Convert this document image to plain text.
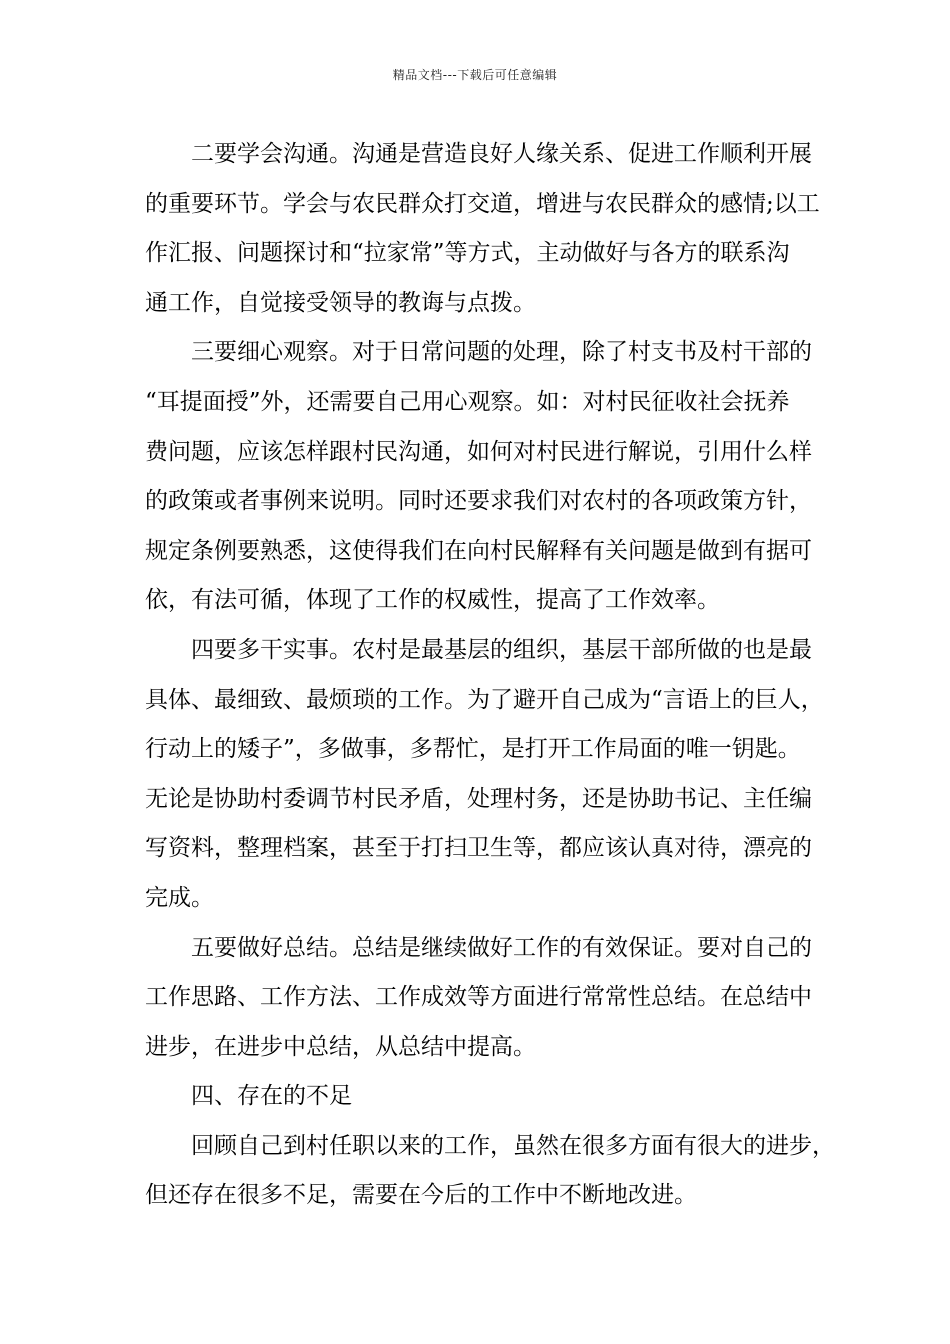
精品文档---下载后可任意编辑
二要学会沟通。沟通是营造良好人缘关系、促进工作顺利开展
的重要环节。学会与农民群众打交道，增进与农民群众的感情;以工
作汇报、问题探讨和“拉家常”等方式，主动做好与各方的联系沟
通工作，自觉接受领导的教诲与点拨。
三要细心观察。对于日常问题的处理，除了村支书及村干部的
“耳提面授”外，还需要自己用心观察。如：对村民征收社会抚养
费问题，应该怎样跟村民沟通，如何对村民进行解说，引用什么样
的政策或者事例来说明。同时还要求我们对农村的各项政策方针，
规定条例要熟悉，这使得我们在向村民解释有关问题是做到有据可
依，有法可循，体现了工作的权威性，提高了工作效率。
四要多干实事。农村是最基层的组织，基层干部所做的也是最
具体、最细致、最烦琐的工作。为了避开自己成为“言语上的巨人，
行动上的矮子”，多做事，多帮忙，是打开工作局面的唯一钥匙。
无论是协助村委调节村民矛盾，处理村务，还是协助书记、主任编
写资料，整理档案，甚至于打扫卫生等，都应该认真对待，漂亮的
完成。
五要做好总结。总结是继续做好工作的有效保证。要对自己的
工作思路、工作方法、工作成效等方面进行常常性总结。在总结中
进步，在进步中总结，从总结中提高。
四、存在的不足
回顾自己到村任职以来的工作，虽然在很多方面有很大的进步，
但还存在很多不足，需要在今后的工作中不断地改进。
